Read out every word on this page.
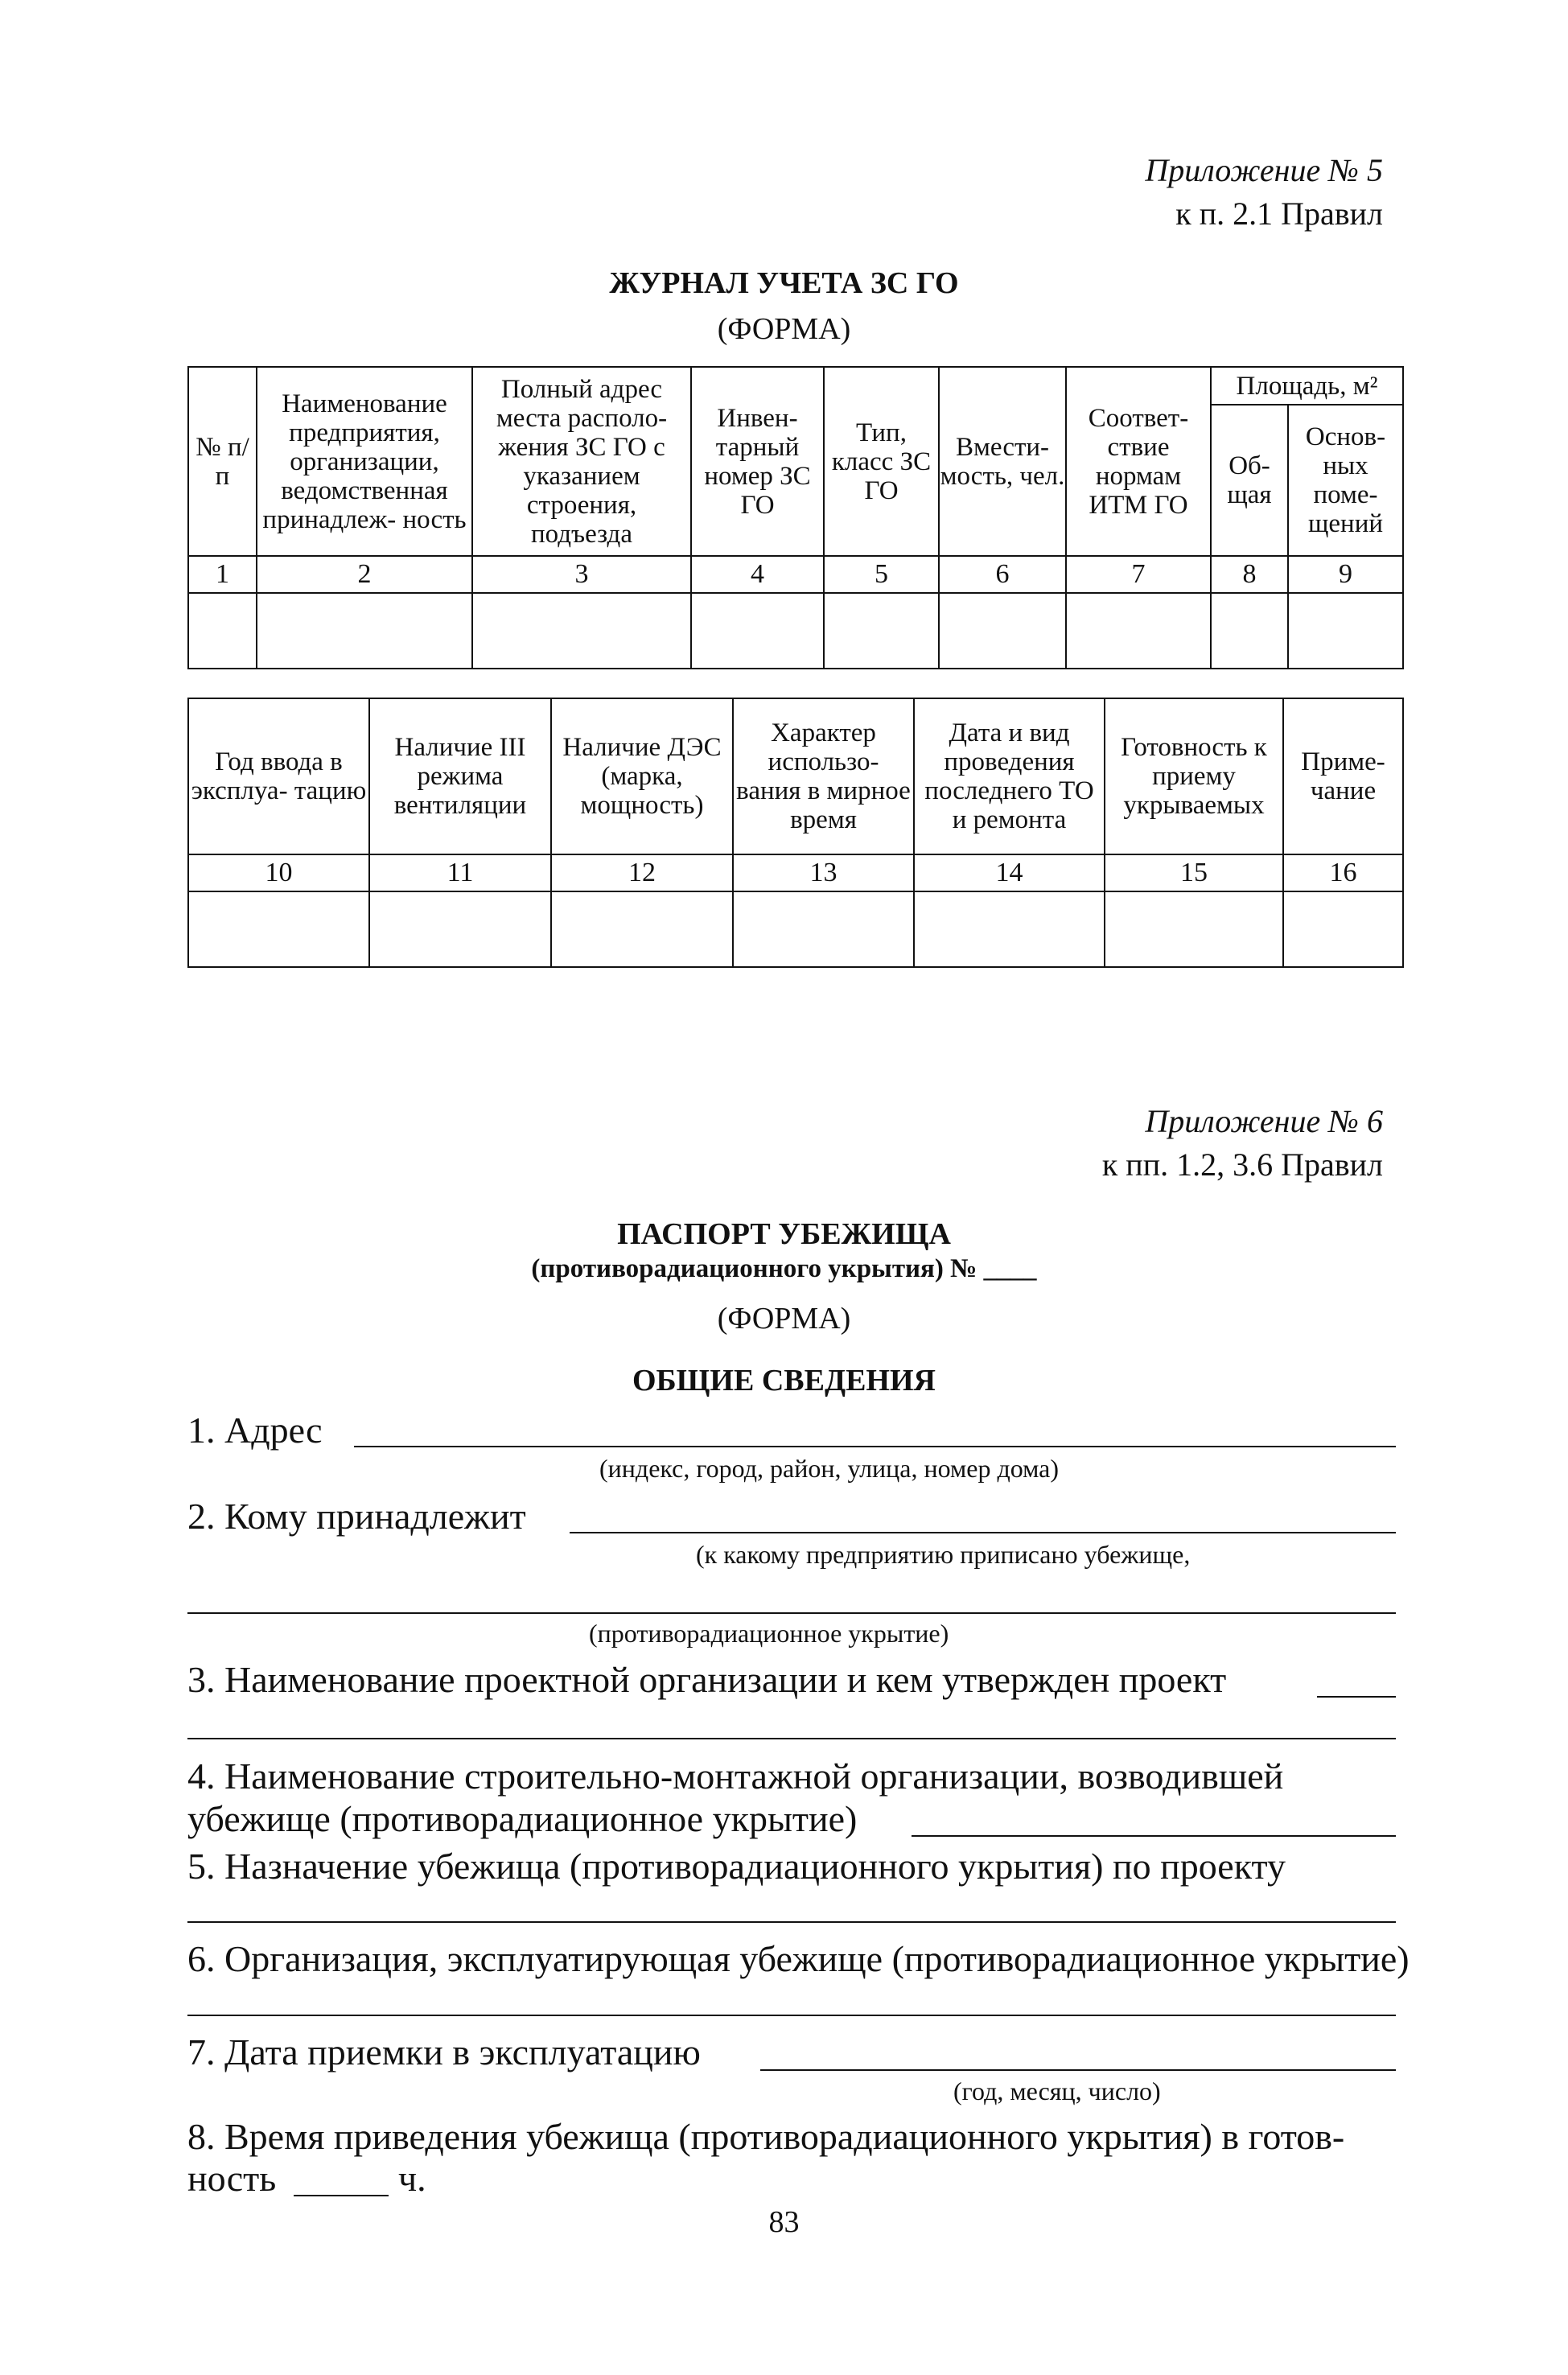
Приложение № 5
к п. 2.1 Правил
ЖУРНАЛ УЧЕТА ЗС ГО
(ФОРМА)
№ п/п	Наименование предприятия, организации, ведомственная принадлеж- ность	Полный адрес места располо- жения ЗС ГО с указанием строения, подъезда	Инвен- тарный номер ЗС ГО	Тип, класс ЗС ГО	Вмести- мость, чел.	Соответ- ствие нормам ИТМ ГО	Площадь, м²	
							Об- щая	Основ- ных поме- щений
1	2	3	4	5	6	7	8	9

Год ввода в эксплуа- тацию	Наличие III режима вентиляции	Наличие ДЭС (марка, мощность)	Характер использо- вания в мирное время	Дата и вид проведения последнего ТО и ремонта	Готовность к приему укрываемых	Приме- чание
10	11	12	13	14	15	16

Приложение № 6
к пп. 1.2, 3.6 Правил
ПАСПОРТ УБЕЖИЩА
(противорадиационного укрытия) № ____
(ФОРМА)
ОБЩИЕ СВЕДЕНИЯ
1. Адрес
(индекс, город, район, улица, номер дома)
2. Кому принадлежит
(к какому предприятию приписано убежище,
(противорадиационное укрытие)
3. Наименование проектной организации и кем утвержден проект
4. Наименование строительно-монтажной организации, возводившей
убежище (противорадиационное укрытие)
5. Назначение убежища (противорадиационного укрытия) по проекту
6. Организация, эксплуатирующая убежище (противорадиационное укрытие)
7. Дата приемки в эксплуатацию
(год, месяц, число)
8. Время приведения убежища (противорадиационного укрытия) в готов-
ность	ч.
83
